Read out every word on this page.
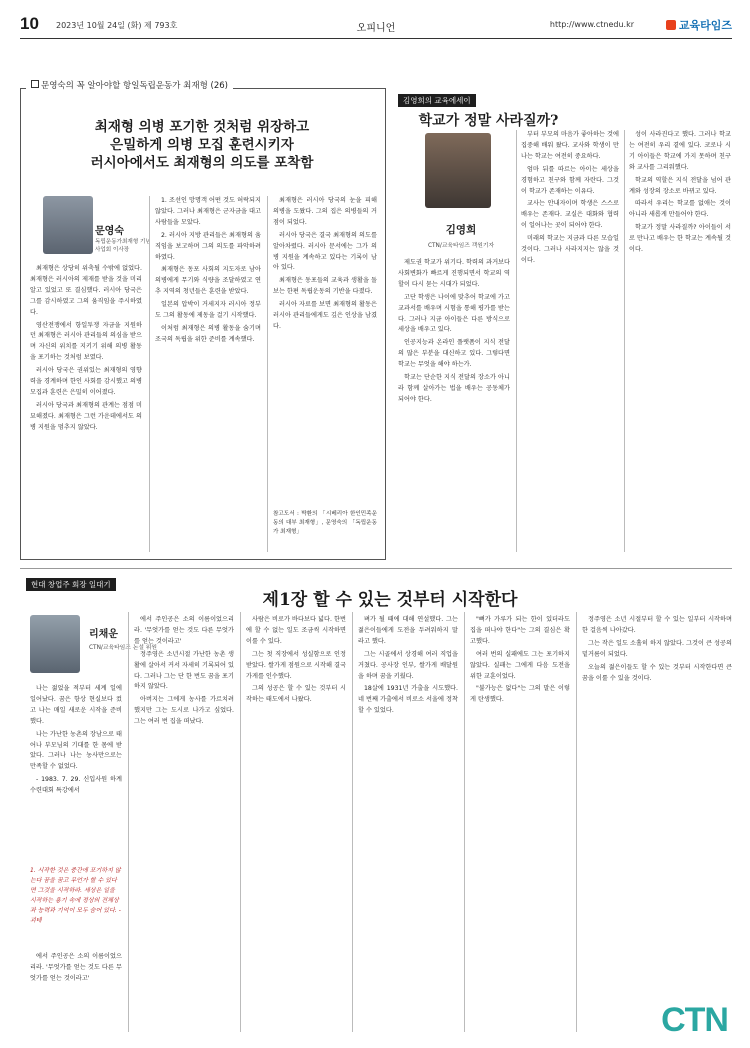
10 2023년 10월 24일 (화) 제 793호	오피니언	http://www.ctnedu.kr	교육타임즈
문영숙의 꼭 알아야할 항일독립운동가 최재형 (26)
최재형 의병 포기한 것처럼 위장하고
은밀하게 의병 모집 훈련시키자
러시아에서도 최재형의 의도를 포착함
문영숙
독립운동가최재형 기념사업회 이사장

최재형은 상당히 위축될 수밖에 없었다. 최재형은 러시아의 제재를 받을 것을 미리 알고 있었고 또 결심했다. 러시아 당국은 그를 감시하였고 그의 움직임을 주시하였다.

영산전쟁에서 항일투쟁 자금을 지원하던 최재형은 러시아 관리들의 의심을 받으며 자신의 위치를 지키기 위해 의병 활동을 포기하는 것처럼 보였다.

러시아 당국은 권위있는 최재형의 영향력을 경계하며 한인 사회를 감시했고 의병 모집과 훈련은 은밀히 이어졌다.

러시아 당국과 최재형의 관계는 점점 미묘해졌다. 최재형은 그런 가운데에서도 의병 지원을 멈추지 않았다.

1. 조선인 망명객 어떤 것도 허락되지 않았다. 그러나 최재형은 군자금을 대고 사람들을 모았다.

2. 러시아 지방 관리들은 최재형의 움직임을 보고하며 그의 의도를 파악하려 하였다.

최재형은 동포 사회의 지도자로 남아 의병에게 무기와 식량을 조달하였고 연추 지역의 청년들은 훈련을 받았다.

일본의 압박이 거세지자 러시아 정부도 그의 활동에 제동을 걸기 시작했다.

이처럼 최재형은 의병 활동을 숨기며 조국의 독립을 위한 준비를 계속했다.

최재형은 러시아 당국의 눈을 피해 의병을 도왔다. 그의 집은 의병들의 거점이 되었다.

러시아 당국은 결국 최재형의 의도를 알아차렸다. 러시아 문서에는 그가 의병 지원을 계속하고 있다는 기록이 남아 있다.

최재형은 동포들의 교육과 생활을 돌보는 한편 독립운동의 기반을 다졌다.

러시아 자료를 보면 최재형의 활동은 러시아 관리들에게도 깊은 인상을 남겼다.

참고도서 : 박환의 「시베리아 한인민족운동의 대부 최재형」, 문영숙의 「독립운동가 최재형」
김영희의 교육에세이
학교가 정말 사라질까?
김영희
CTN/교육타임즈 객원기자

제도권 학교가 위기다. 학력의 과거보다 사회변화가 빠르게 진행되면서 학교의 역할이 다시 묻는 시대가 되었다.

고단 학생은 나이에 맞추어 학교에 가고 교과서를 배우며 시험을 통해 평가를 받는다. 그러나 지금 아이들은 다른 방식으로 세상을 배우고 있다.

인공지능과 온라인 플랫폼이 지식 전달의 많은 부분을 대신하고 있다. 그렇다면 학교는 무엇을 해야 하는가.

학교는 단순한 지식 전달의 장소가 아니라 함께 살아가는 법을 배우는 공동체가 되어야 한다.

부터 부모의 마음가 좋아하는 것에 집중해 배워 왔다. 교사와 학생이 만나는 학교는 여전히 중요하다.

엄마 뒤를 따르는 아이는 세상을 경험하고 친구와 함께 자란다. 그것이 학교가 존재하는 이유다.

교사는 안내자이며 학생은 스스로 배우는 존재다. 교실은 대화와 협력이 일어나는 곳이 되어야 한다.

미래의 학교는 지금과 다른 모습일 것이다. 그러나 사라지지는 않을 것이다.

성이 사라진다고 했다. 그러나 학교는 여전히 우리 곁에 있다. 코로나 시기 아이들은 학교에 가지 못하며 친구와 교사를 그리워했다.

학교의 역할은 지식 전달을 넘어 관계와 성장의 장소로 바뀌고 있다.

따라서 우리는 학교를 없애는 것이 아니라 새롭게 만들어야 한다.

학교가 정말 사라질까? 아이들이 서로 만나고 배우는 한 학교는 계속될 것이다.

현대 창업주 회장 일대기
제1장 할 수 있는 것부터 시작한다
리채운
CTN/교육타임즈 논설 위원

나는 젊었을 적부터 세계 일에 일어났다. 꿈은 항상 현실보다 컸고 나는 매일 새로운 시작을 준비했다.

나는 가난한 농촌의 장남으로 태어나 부모님의 기대를 한 몸에 받았다. 그러나 나는 농사만으로는 만족할 수 없었다.

- 1983. 7. 29. 신입사원 하계수련대회 특강에서

1. 시작한 것은 중간에 포기하지 않는다 꿈을 꿈고 무언가 할 수 있다면 그것을 시작하라. 세상은 일을 시작하는 용기 속에 정상의 전체상과 능력과 기억이 모두 숨어 있다. - 괴테

에서 주인공은 소의 이름이었으리라. '무엇가를 얻는 것도 다른 무엇가를 얻는 것이라고'

에서 주인공은 소의 이름이었으리라. '무엇가를 얻는 것도 다른 무엇가를 얻는 것이라고'

정주영은 소년시절 가난한 농촌 생활에 살아서 커서 자세히 기록되어 있다. 그러나 그는 단 한 번도 꿈을 포기하지 않았다.

아버지는 그에게 농사를 가르치려 했지만 그는 도시로 나가고 싶었다. 그는 여러 번 집을 떠났다.

사람은 비로가 바다보다 넓다. 한번에 할 수 없는 일도 조금씩 시작하면 이룰 수 있다.

그는 첫 직장에서 성실함으로 인정받았다. 쌀가게 점원으로 시작해 결국 가게를 인수했다.

그의 성공은 할 수 있는 것부터 시작하는 태도에서 나왔다.

벼가 될 때에 대해 연설했다. 그는 젊은이들에게 도전을 두려워하지 말라고 했다.

그는 시골에서 상경해 여러 직업을 거쳤다. 공사장 인부, 쌀가게 배달원을 하며 꿈을 키웠다.

18살에 1931년 가출을 시도했다. 네 번째 가출에서 비로소 서울에 정착할 수 있었다.

"뼈가 가루가 되는 한이 있더라도 집을 떠나야 한다"는 그의 결심은 확고했다.

여러 번의 실패에도 그는 포기하지 않았다. 실패는 그에게 다음 도전을 위한 교훈이었다.

"불가능은 없다"는 그의 말은 이렇게 탄생했다.

정주영은 소년 시절부터 할 수 있는 일부터 시작하며 한 걸음씩 나아갔다.

그는 작은 일도 소홀히 하지 않았다. 그것이 큰 성공의 밑거름이 되었다.

오늘의 젊은이들도 할 수 있는 것부터 시작한다면 큰 꿈을 이룰 수 있을 것이다.

CTN
